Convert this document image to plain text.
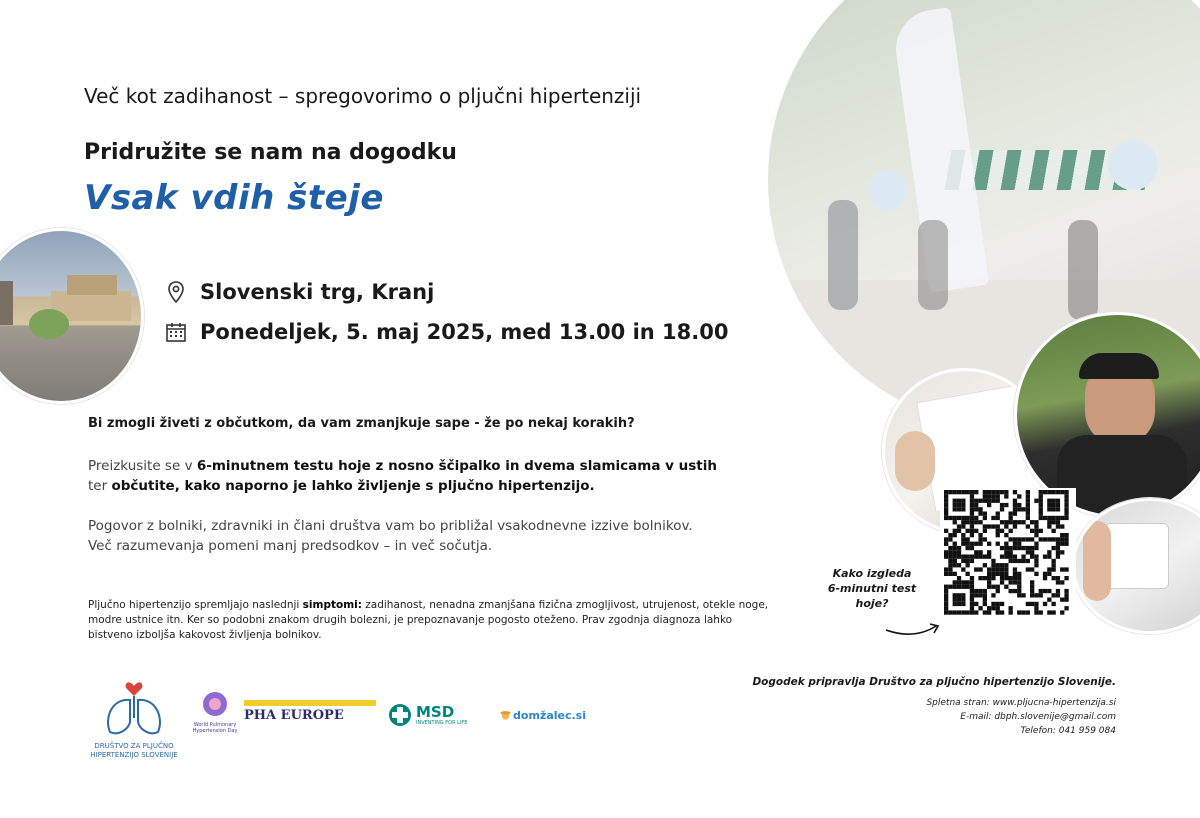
Več kot zadihanost – spregovorimo o pljučni hipertenziji
Pridružite se nam na dogodku
Vsak vdih šteje
Slovenski trg, Kranj
Ponedeljek, 5. maj 2025, med 13.00 in 18.00
Bi zmogli živeti z občutkom, da vam zmanjkuje sape - že po nekaj korakih?
Preizkusite se v 6-minutnem testu hoje z nosno ščipalko in dvema slamicama v ustih
ter občutite, kako naporno je lahko življenje s pljučno hipertenzijo.
Pogovor z bolniki, zdravniki in člani društva vam bo približal vsakodnevne izzive bolnikov.
Več razumevanja pomeni manj predsodkov – in več sočutja.
Pljučno hipertenzijo spremljajo naslednji simptomi: zadihanost, nenadna zmanjšana fizična zmogljivost, utrujenost, otekle noge, modre ustnice itn. Ker so podobni znakom drugih bolezni, je prepoznavanje pogosto oteženo. Prav zgodnja diagnoza lahko bistveno izboljša kakovost življenja bolnikov.
Kako izgleda
6-minutni test
hoje?
Dogodek pripravlja Društvo za pljučno hipertenzijo Slovenije.
Spletna stran: www.pljucna-hipertenzija.si
E-mail: dbph.slovenije@gmail.com
Telefon: 041 959 084
DRUŠTVO ZA PLJUČNO
HIPERTENZIJO SLOVENIJE
World Pulmonary
Hypertension Day
PHA EUROPE	MSD
INVENTING FOR LIFE
domžalec.si
